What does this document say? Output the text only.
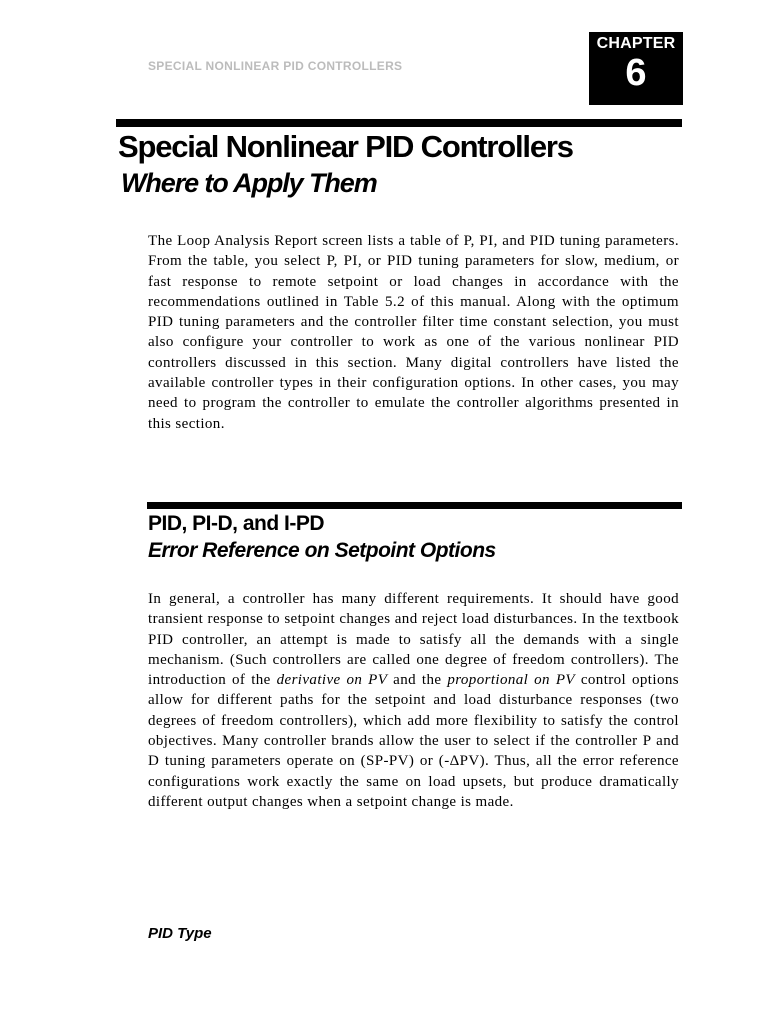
SPECIAL NONLINEAR PID CONTROLLERS
CHAPTER
6
Special Nonlinear PID Controllers
Where to Apply Them

The Loop Analysis Report screen lists a table of P, PI, and PID tuning parameters. From the table, you select P, PI, or PID tuning parameters for slow, medium, or fast response to remote setpoint or load changes in accordance with the recommendations outlined in Table 5.2 of this manual. Along with the optimum PID tuning parameters and the controller filter time constant selection, you must also configure your controller to work as one of the various nonlinear PID controllers discussed in this section. Many digital controllers have listed the available controller types in their configuration options. In other cases, you may need to program the controller to emulate the controller algorithms presented in this section.

PID, PI-D, and I-PD
Error Reference on Setpoint Options

In general, a controller has many different requirements. It should have good transient response to setpoint changes and reject load disturbances. In the textbook PID controller, an attempt is made to satisfy all the demands with a single mechanism. (Such controllers are called one degree of freedom controllers). The introduction of the derivative on PV and the proportional on PV control options allow for different paths for the setpoint and load disturbance responses (two degrees of freedom controllers), which add more flexibility to satisfy the control objectives. Many controller brands allow the user to select if the controller P and D tuning parameters operate on (SP-PV) or (-ΔPV). Thus, all the error reference configurations work exactly the same on load upsets, but produce dramatically different output changes when a setpoint change is made.

PID Type
